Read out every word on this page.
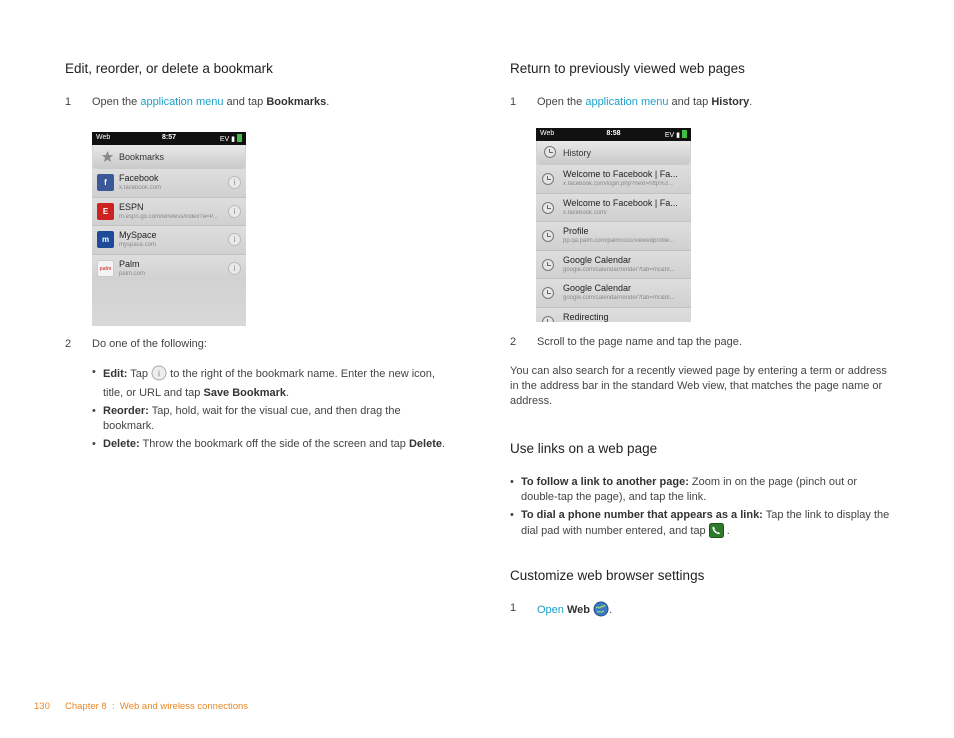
Edit, reorder, or delete a bookmark
1 Open the application menu and tap Bookmarks.
Web	8:57	EV ▮
Bookmarks
f	Facebook
x.facebook.com
i
E	ESPN
m.espn.go.com/wireless/index?a=P...
i
m	MySpace
myspace.com
i
palm Palm
palm.com
i
2 Do one of the following:
• Edit: Tap i to the right of the bookmark name. Enter the new icon, title, or URL and tap Save Bookmark.
• Reorder: Tap, hold, wait for the visual cue, and then drag the bookmark.
• Delete: Throw the bookmark off the side of the screen and tap Delete.
Return to previously viewed web pages
1 Open the application menu and tap History.
Web	8:58	EV ▮
History
Welcome to Facebook | Fa...
x.facebook.com/login.php?next=http%3...
Welcome to Facebook | Fa...
x.facebook.com/
Profile
pp.qa.palm.com/palmcoss/viewedprofile...
Google Calendar
google.com/calendar/render?tab=mc&hl...
Google Calendar
google.com/calendar/render?tab=mc&hl...
Redirecting
2 Scroll to the page name and tap the page.
You can also search for a recently viewed page by entering a term or address in the address bar in the standard Web view, that matches the page name or address.
Use links on a web page
• To follow a link to another page: Zoom in on the page (pinch out or double-tap the page), and tap the link.
• To dial a phone number that appears as a link: Tap the link to display the dial pad with number entered, and tap  .
Customize web browser settings
1 Open Web .
130 Chapter 8  :  Web and wireless connections
